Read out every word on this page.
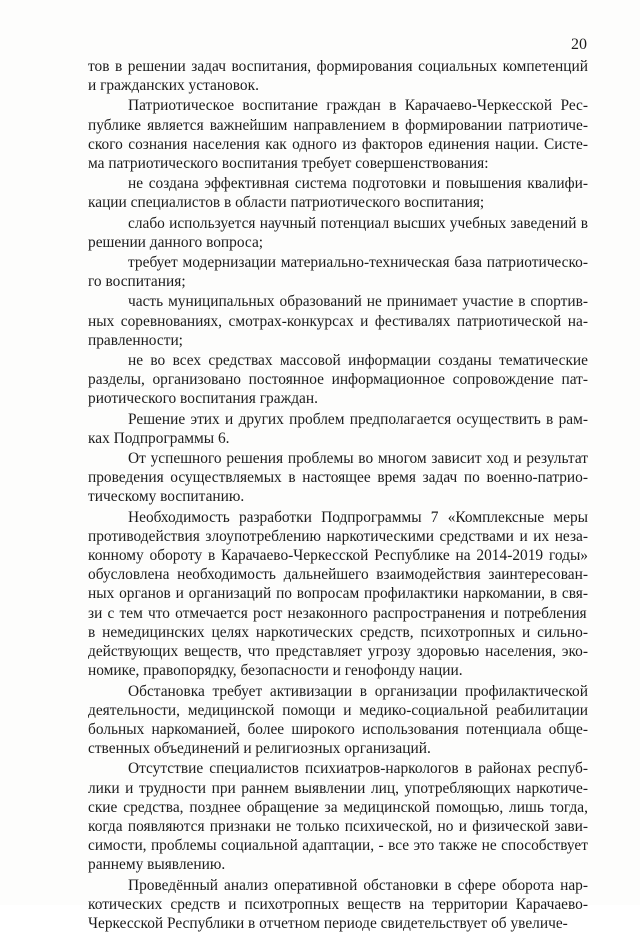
20
тов в решении задач воспитания, формирования социальных компетенций
и гражданских установок.
Патриотическое воспитание граждан в Карачаево-Черкесской Рес-
публике является важнейшим направлением в формировании патриотиче-
ского сознания населения как одного из факторов единения нации. Систе-
ма патриотического воспитания требует совершенствования:
не создана эффективная система подготовки и повышения квалифи-
кации специалистов в области патриотического воспитания;
слабо используется научный потенциал высших учебных заведений в
решении данного вопроса;
требует модернизации материально-техническая база патриотическо-
го воспитания;
часть муниципальных образований не принимает участие в спортив-
ных соревнованиях, смотрах-конкурсах и фестивалях патриотической на-
правленности;
не во всех средствах массовой информации созданы тематические
разделы, организовано постоянное информационное сопровождение пат-
риотического воспитания граждан.
Решение этих и других проблем предполагается осуществить в рам-
ках Подпрограммы 6.
От успешного решения проблемы во многом зависит ход и результат
проведения осуществляемых в настоящее время задач по военно-патрио-
тическому воспитанию.
Необходимость разработки Подпрограммы 7 «Комплексные меры
противодействия злоупотреблению наркотическими средствами и их неза-
конному обороту в Карачаево-Черкесской Республике на 2014-2019 годы»
обусловлена необходимость дальнейшего взаимодействия заинтересован-
ных органов и организаций по вопросам профилактики наркомании, в свя-
зи с тем что отмечается рост незаконного распространения и потребления
в немедицинских целях наркотических средств, психотропных и сильно-
действующих веществ, что представляет угрозу здоровью населения, эко-
номике, правопорядку, безопасности и генофонду нации.
Обстановка требует активизации в организации профилактической
деятельности, медицинской помощи и медико-социальной реабилитации
больных наркоманией, более широкого использования потенциала обще-
ственных объединений и религиозных организаций.
Отсутствие специалистов психиатров-наркологов в районах респуб-
лики и трудности при раннем выявлении лиц, употребляющих наркотиче-
ские средства, позднее обращение за медицинской помощью, лишь тогда,
когда появляются признаки не только психической, но и физической зави-
симости, проблемы социальной адаптации, - все это также не способствует
раннему выявлению.
Проведённый анализ оперативной обстановки в сфере оборота нар-
котических средств и психотропных веществ на территории Карачаево-
Черкесской Республики в отчетном периоде свидетельствует об увеличе-
